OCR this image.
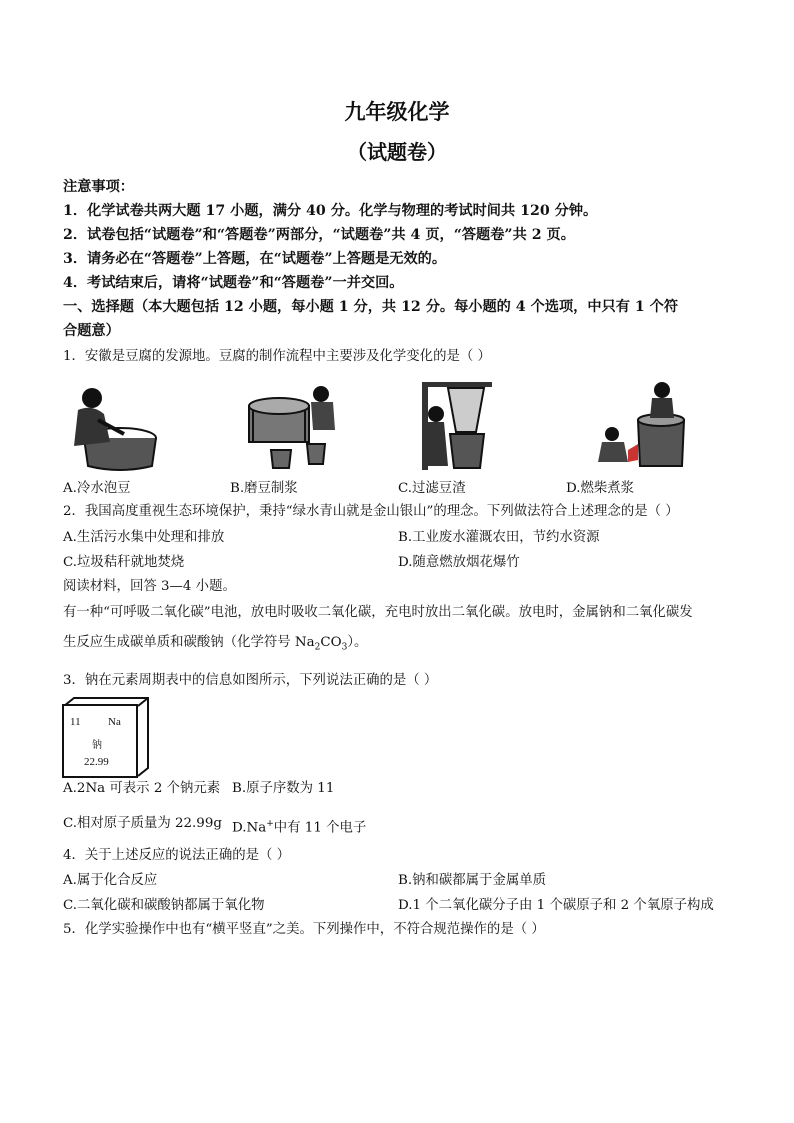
九年级化学
（试题卷）
注意事项：
1．化学试卷共两大题 17 小题，满分 40 分。化学与物理的考试时间共 120 分钟。
2．试卷包括“试题卷”和“答题卷”两部分，“试题卷”共 4 页，“答题卷”共 2 页。
3．请务必在“答题卷”上答题，在“试题卷”上答题是无效的。
4．考试结束后，请将“试题卷”和“答题卷”一并交回。
一、选择题（本大题包括 12 小题，每小题 1 分，共 12 分。每小题的 4 个选项，中只有 1 个符
合题意）
1．安徽是豆腐的发源地。豆腐的制作流程中主要涉及化学变化的是（ ）
A.冷水泡豆	B.磨豆制浆	C.过滤豆渣	D.燃柴煮浆
2．我国高度重视生态环境保护，秉持“绿水青山就是金山银山”的理念。下列做法符合上述理念的是（ ）
A.生活污水集中处理和排放	B.工业废水灌溉农田，节约水资源
C.垃圾秸秆就地焚烧	D.随意燃放烟花爆竹
阅读材料，回答 3—4 小题。
有一种“可呼吸二氧化碳”电池，放电时吸收二氧化碳，充电时放出二氧化碳。放电时，金属钠和二氧化碳发
生反应生成碳单质和碳酸钠（化学符号 $Na_2CO_3$）。
3．钠在元素周期表中的信息如图所示，下列说法正确的是（ ）
11 Na
钠
22.99
A.2Na 可表示 2 个钠元素 B.原子序数为 11
C.相对原子质量为 22.99g D.Na+中有 11 个电子
4．关于上述反应的说法正确的是（ ）
A.属于化合反应	B.钠和碳都属于金属单质
C.二氧化碳和碳酸钠都属于氧化物	D.1 个二氧化碳分子由 1 个碳原子和 2 个氧原子构成
5．化学实验操作中也有“横平竖直”之美。下列操作中，不符合规范操作的是（ ）
